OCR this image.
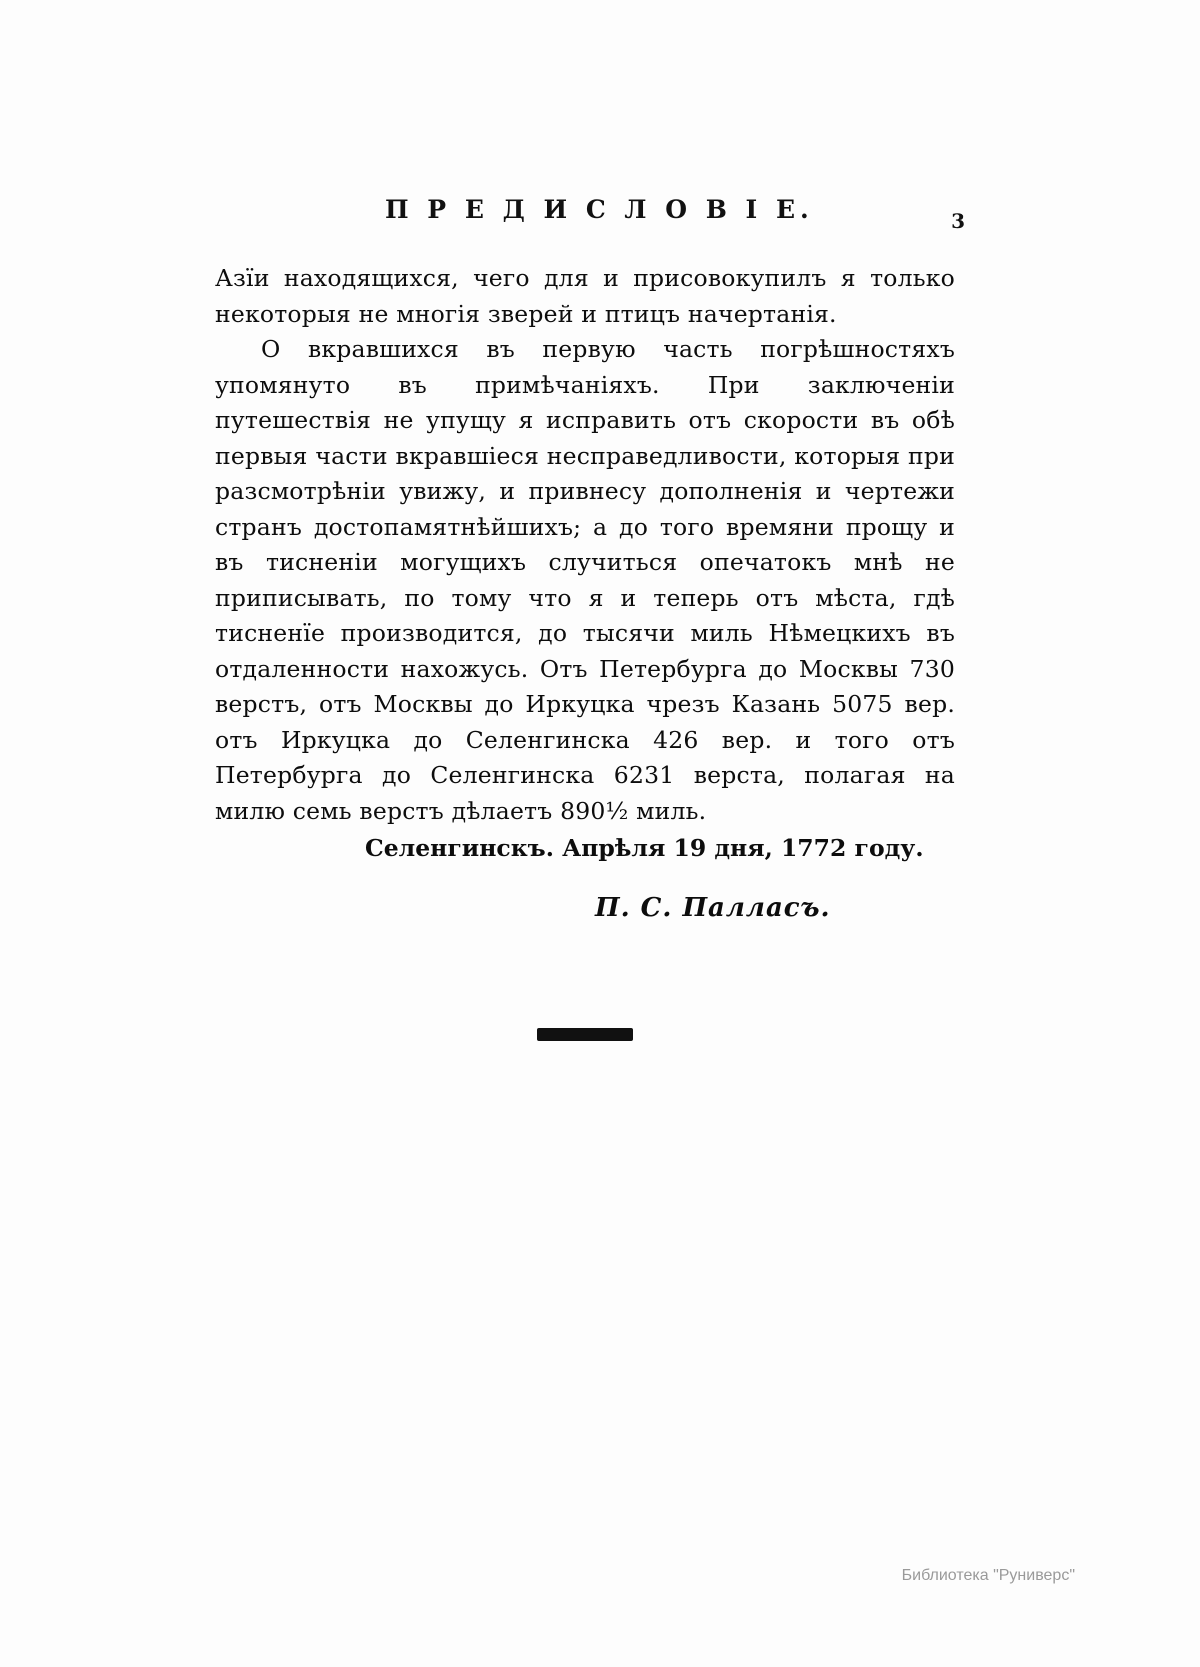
П Р Е Д И С Л О В І Е.	3

Азїи находящихся, чего для и присовокупилъ я только некоторыя не многія зверей и птицъ начертанія.

О вкравшихся въ первую часть погрѣшностяхъ упомянуто въ примѣчаніяхъ. При заключеніи путешествія не упущу я исправить отъ скорости въ обѣ первыя части вкравшіеся несправедливости, которыя при разсмотрѣніи увижу, и привнесу дополненія и чертежи странъ достопамятнѣйшихъ; а до того времяни прощу и въ тисненіи могущихъ случиться опечатокъ мнѣ не приписывать, по тому что я и теперь отъ мѣста, гдѣ тисненїе производится, до тысячи миль Нѣмецкихъ въ отдаленности нахожусь. Отъ Петербурга до Москвы 730 верстъ, отъ Москвы до Иркуцка чрезъ Казань 5075 вер. отъ Иркуцка до Селенгинска 426 вер. и того отъ Петербурга до Селенгинска 6231 верста, полагая на милю семь верстъ дѣлаетъ 890½ миль.

Селенгинскъ. Апрѣля 19 дня, 1772 году.
П. С. Палласъ.
Библиотека "Руниверс"
